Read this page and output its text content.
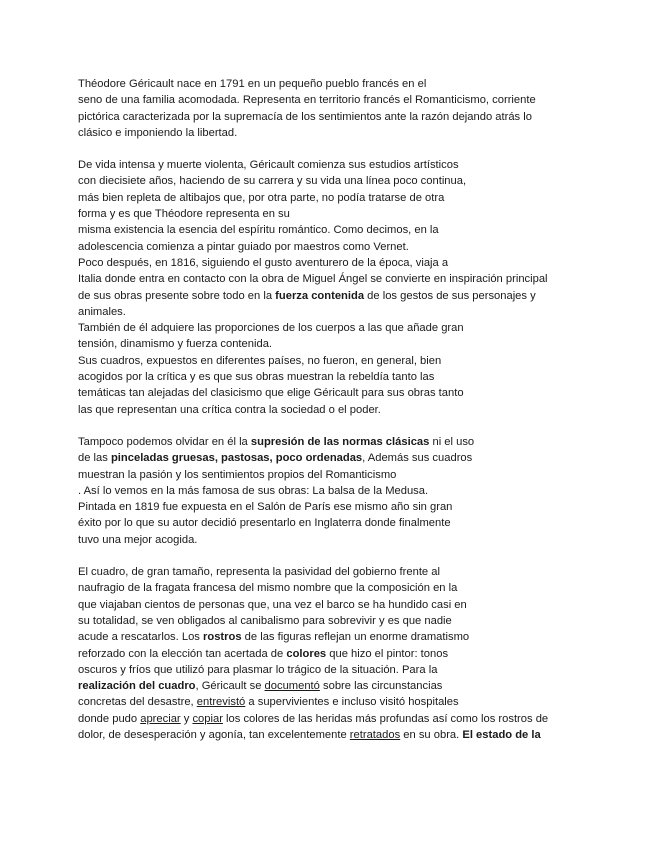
Théodore Géricault nace en 1791 en un pequeño pueblo francés en el
seno de una familia acomodada. Representa en territorio francés el Romanticismo, corriente
pictórica caracterizada por la supremacía de los sentimientos ante la razón dejando atrás lo
clásico e imponiendo la libertad.
De vida intensa y muerte violenta, Géricault comienza sus estudios artísticos
con diecisiete años, haciendo de su carrera y su vida una línea poco continua,
más bien repleta de altibajos que, por otra parte, no podía tratarse de otra
forma y es que Théodore representa en su
misma existencia la esencia del espíritu romántico. Como decimos, en la
adolescencia comienza a pintar guiado por maestros como Vernet.
Poco después, en 1816, siguiendo el gusto aventurero de la época, viaja a
Italia donde entra en contacto con la obra de Miguel Ángel se convierte en inspiración principal
de sus obras presente sobre todo en la fuerza contenida de los gestos de sus personajes y
animales.
También de él adquiere las proporciones de los cuerpos a las que añade gran
tensión, dinamismo y fuerza contenida.
Sus cuadros, expuestos en diferentes países, no fueron, en general, bien
acogidos por la crítica y es que sus obras muestran la rebeldía tanto las
temáticas tan alejadas del clasicismo que elige Géricault para sus obras tanto
las que representan una crítica contra la sociedad o el poder.
Tampoco podemos olvidar en él la supresión de las normas clásicas ni el uso
de las pinceladas gruesas, pastosas, poco ordenadas, Además sus cuadros
muestran la pasión y los sentimientos propios del Romanticismo
. Así lo vemos en la más famosa de sus obras: La balsa de la Medusa.
Pintada en 1819 fue expuesta en el Salón de París ese mismo año sin gran
éxito por lo que su autor decidió presentarlo en Inglaterra donde finalmente
tuvo una mejor acogida.
El cuadro, de gran tamaño, representa la pasividad del gobierno frente al
naufragio de la fragata francesa del mismo nombre que la composición en la
que viajaban cientos de personas que, una vez el barco se ha hundido casi en
su totalidad, se ven obligados al canibalismo para sobrevivir y es que nadie
acude a rescatarlos. Los rostros de las figuras reflejan un enorme dramatismo
reforzado con la elección tan acertada de colores que hizo el pintor: tonos
oscuros y fríos que utilizó para plasmar lo trágico de la situación. Para la
realización del cuadro, Géricault se documentó sobre las circunstancias
concretas del desastre, entrevistó a supervivientes e incluso visitó hospitales
donde pudo apreciar y copiar los colores de las heridas más profundas así como los rostros de
dolor, de desesperación y agonía, tan excelentemente retratados en su obra. El estado de la
